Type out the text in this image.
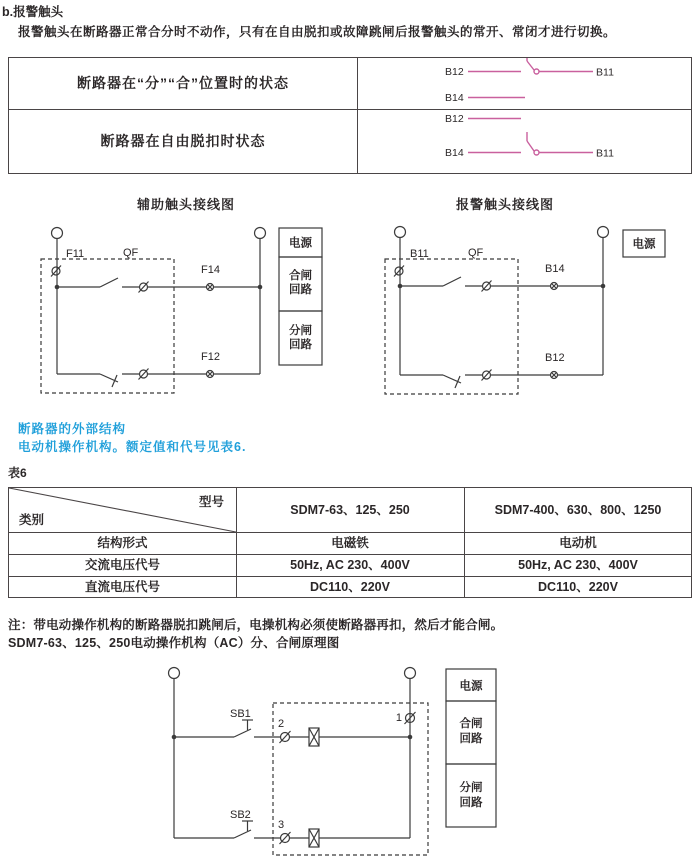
b.报警触头
报警触头在断路器正常合分时不动作，只有在自由脱扣或故障跳闸后报警触头的常开、常闭才进行切换。
断路器在“分”“合”位置时的状态
断路器在自由脱扣时状态
B12	B11
B14
B12
B14	B11
辅助触头接线图
F11	QF
F14
F12
电源
合闸
回路
分闸
回路
报警触头接线图
B11	QF
B14
B12
电源
断路器的外部结构
电动机操作机构。额定值和代号见表6.
表6
型号
类别
SDM7-63、125、250	SDM7-400、630、800、1250
结构形式	电磁铁	电动机
交流电压代号	50Hz, AC 230、400V	50Hz, AC 230、400V
直流电压代号	DC110、220V	DC110、220V
注：带电动操作机构的断路器脱扣跳闸后，电操机构必须使断路器再扣，然后才能合闸。
SDM7-63、125、250电动操作机构（AC）分、合闸原理图
SB1
SB2
2
3
1
电源
合闸
回路
分闸
回路
